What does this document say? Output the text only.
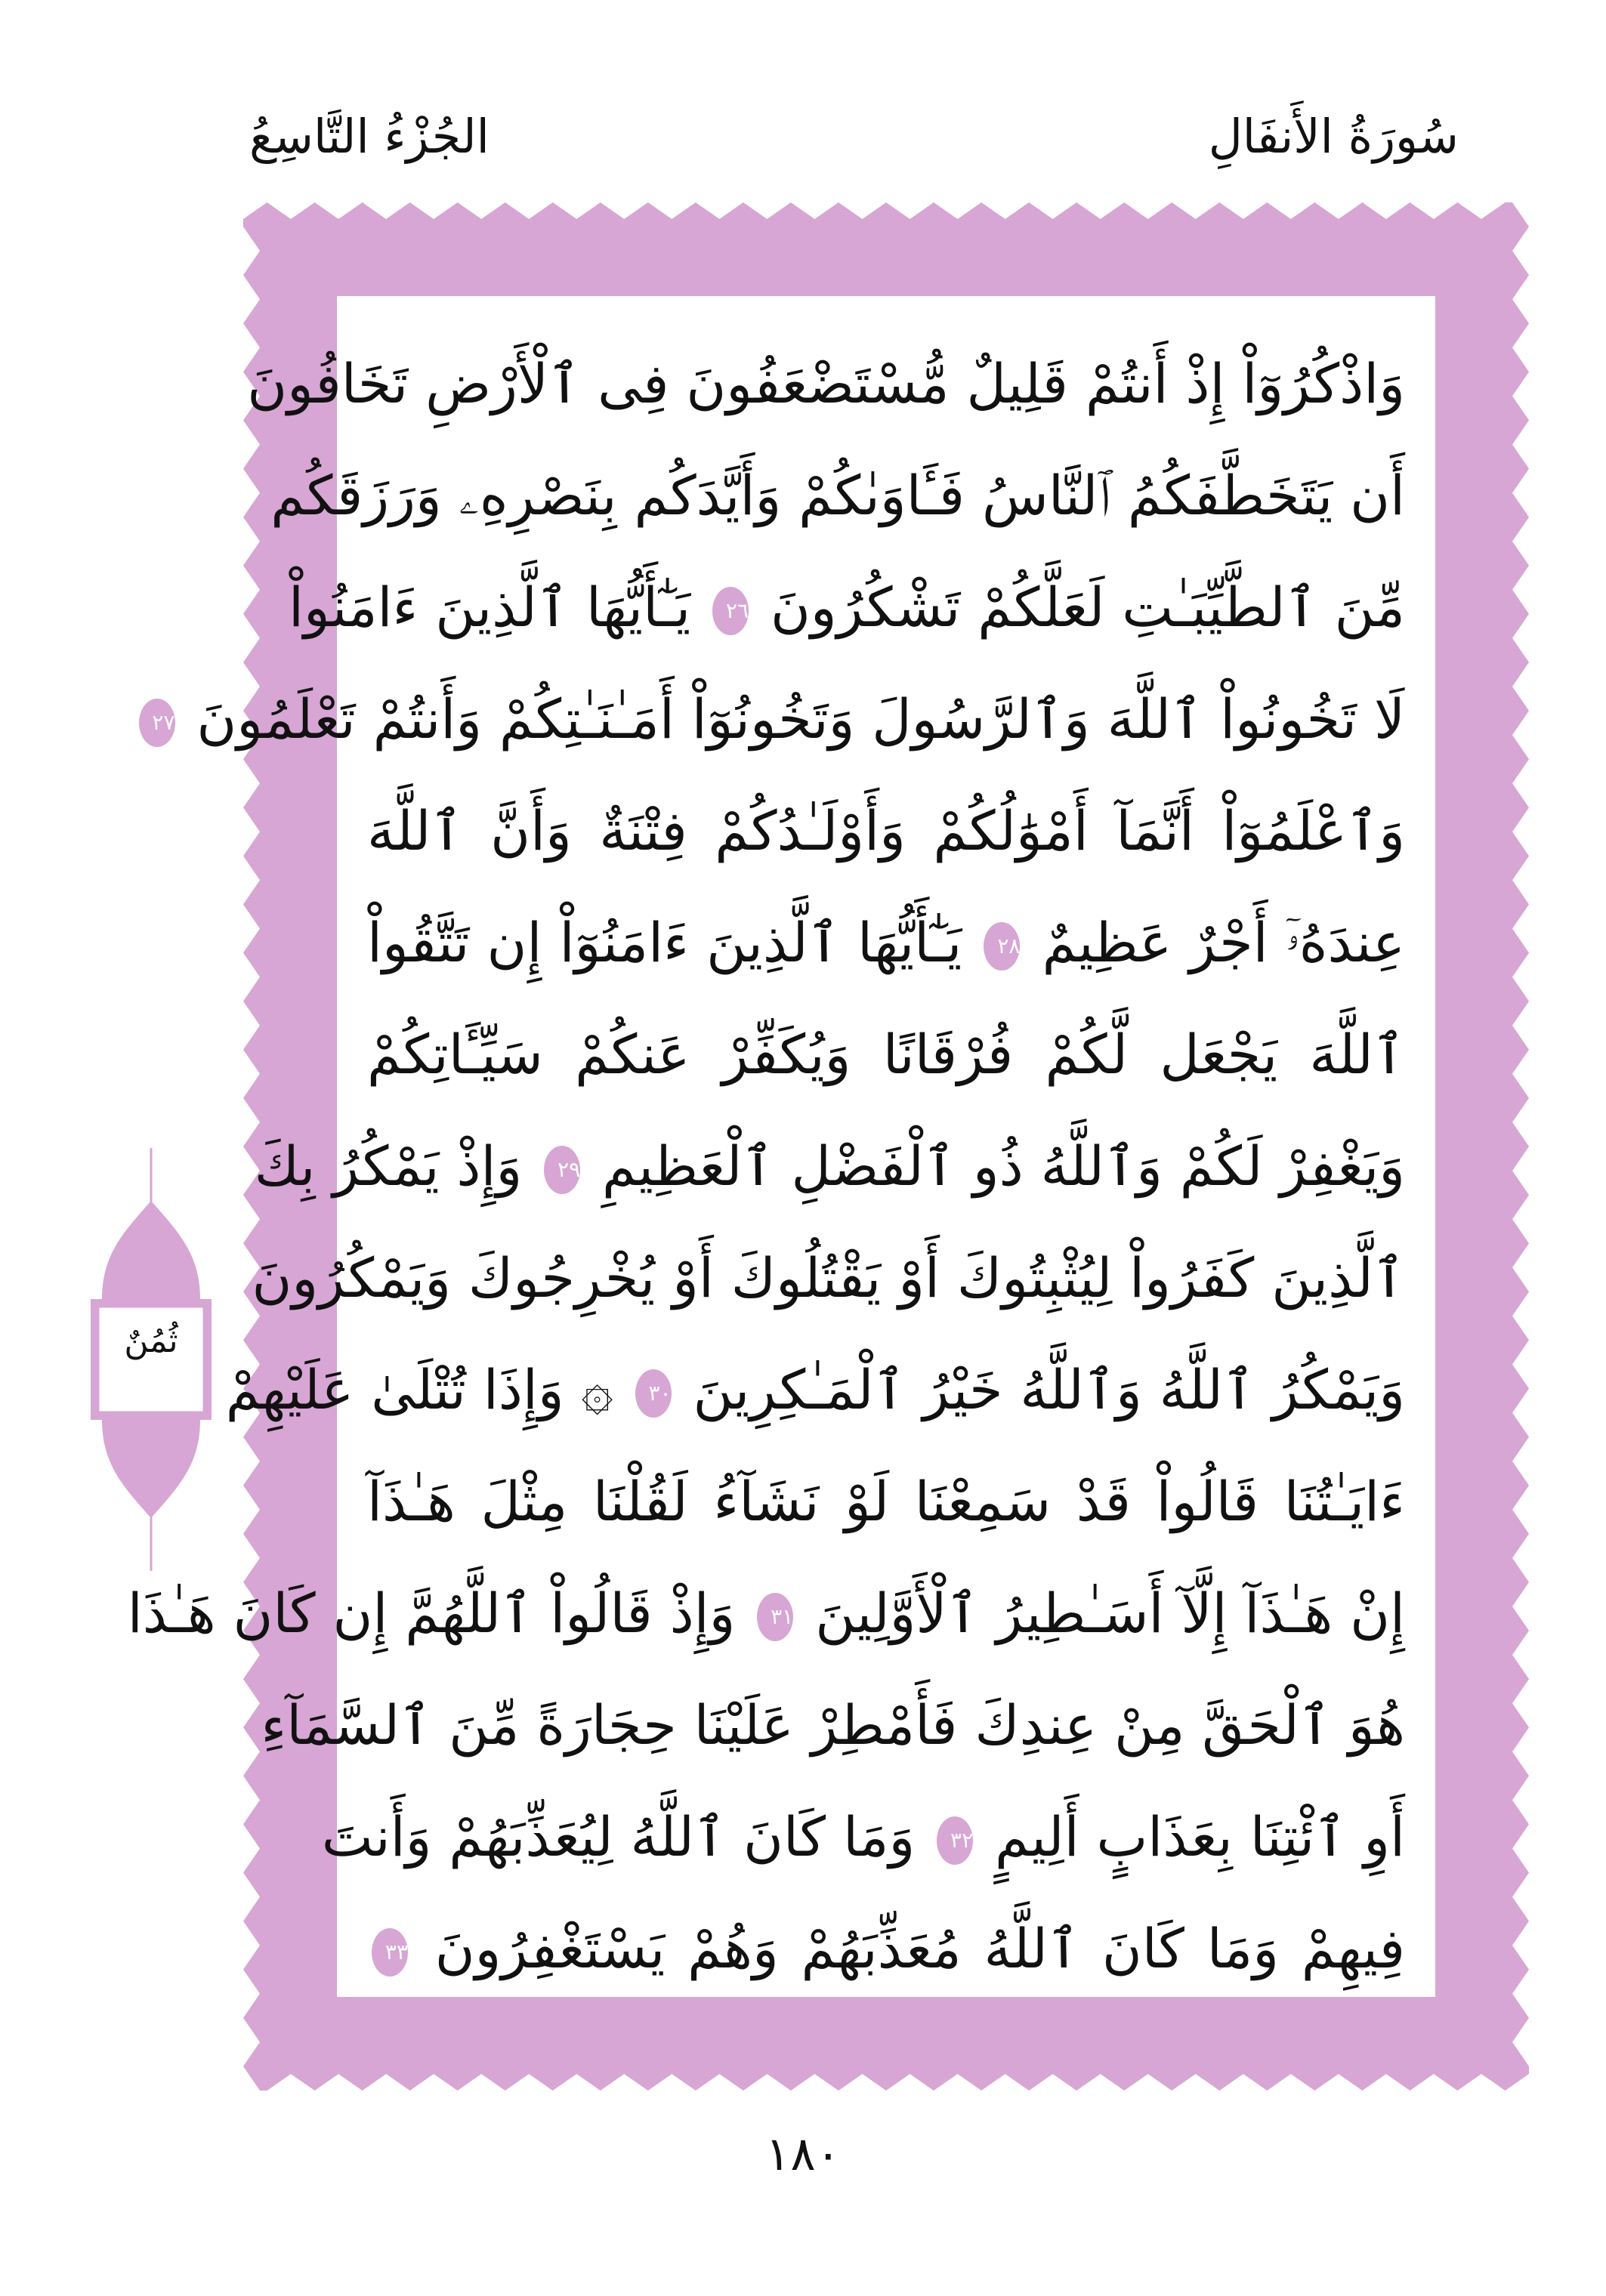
سُورَةُ الأَنفَالِ
الجُزْءُ التَّاسِعُ
وَاذْكُرُوٓاْ إِذْ أَنتُمْ قَلِيلٌ مُّسْتَضْعَفُونَ فِى ٱلْأَرْضِ تَخَافُونَ
أَن يَتَخَطَّفَكُمُ ٱلنَّاسُ فَـَٔاوَىٰكُمْ وَأَيَّدَكُم بِنَصْرِهِۦ وَرَزَقَكُم
مِّنَ ٱلطَّيِّبَـٰتِ لَعَلَّكُمْ تَشْكُرُونَ ٢٦ يَـٰٓأَيُّهَا ٱلَّذِينَ ءَامَنُواْ
لَا تَخُونُواْ ٱللَّهَ وَٱلرَّسُولَ وَتَخُونُوٓاْ أَمَـٰنَـٰتِكُمْ وَأَنتُمْ تَعْلَمُونَ ٢٧
وَٱعْلَمُوٓاْ أَنَّمَآ أَمْوَٰلُكُمْ وَأَوْلَـٰدُكُمْ فِتْنَةٌ وَأَنَّ ٱللَّهَ
عِندَهُۥٓ أَجْرٌ عَظِيمٌ ٢٨ يَـٰٓأَيُّهَا ٱلَّذِينَ ءَامَنُوٓاْ إِن تَتَّقُواْ
ٱللَّهَ يَجْعَل لَّكُمْ فُرْقَانًا وَيُكَفِّرْ عَنكُمْ سَيِّـَٔاتِكُمْ
وَيَغْفِرْ لَكُمْ وَٱللَّهُ ذُو ٱلْفَضْلِ ٱلْعَظِيمِ ٢٩ وَإِذْ يَمْكُرُ بِكَ
ٱلَّذِينَ كَفَرُواْ لِيُثْبِتُوكَ أَوْ يَقْتُلُوكَ أَوْ يُخْرِجُوكَ وَيَمْكُرُونَ
وَيَمْكُرُ ٱللَّهُ وَٱللَّهُ خَيْرُ ٱلْمَـٰكِرِينَ ٣٠ ۞ وَإِذَا تُتْلَىٰ عَلَيْهِمْ
ءَايَـٰتُنَا قَالُواْ قَدْ سَمِعْنَا لَوْ نَشَآءُ لَقُلْنَا مِثْلَ هَـٰذَآ
إِنْ هَـٰذَآ إِلَّآ أَسَـٰطِيرُ ٱلْأَوَّلِينَ ٣١ وَإِذْ قَالُواْ ٱللَّهُمَّ إِن كَانَ هَـٰذَا
هُوَ ٱلْحَقَّ مِنْ عِندِكَ فَأَمْطِرْ عَلَيْنَا حِجَارَةً مِّنَ ٱلسَّمَآءِ
أَوِ ٱئْتِنَا بِعَذَابٍ أَلِيمٍ ٣٢ وَمَا كَانَ ٱللَّهُ لِيُعَذِّبَهُمْ وَأَنتَ
فِيهِمْ وَمَا كَانَ ٱللَّهُ مُعَذِّبَهُمْ وَهُمْ يَسْتَغْفِرُونَ ٣٣
ثُمُنٌ
١٨٠
